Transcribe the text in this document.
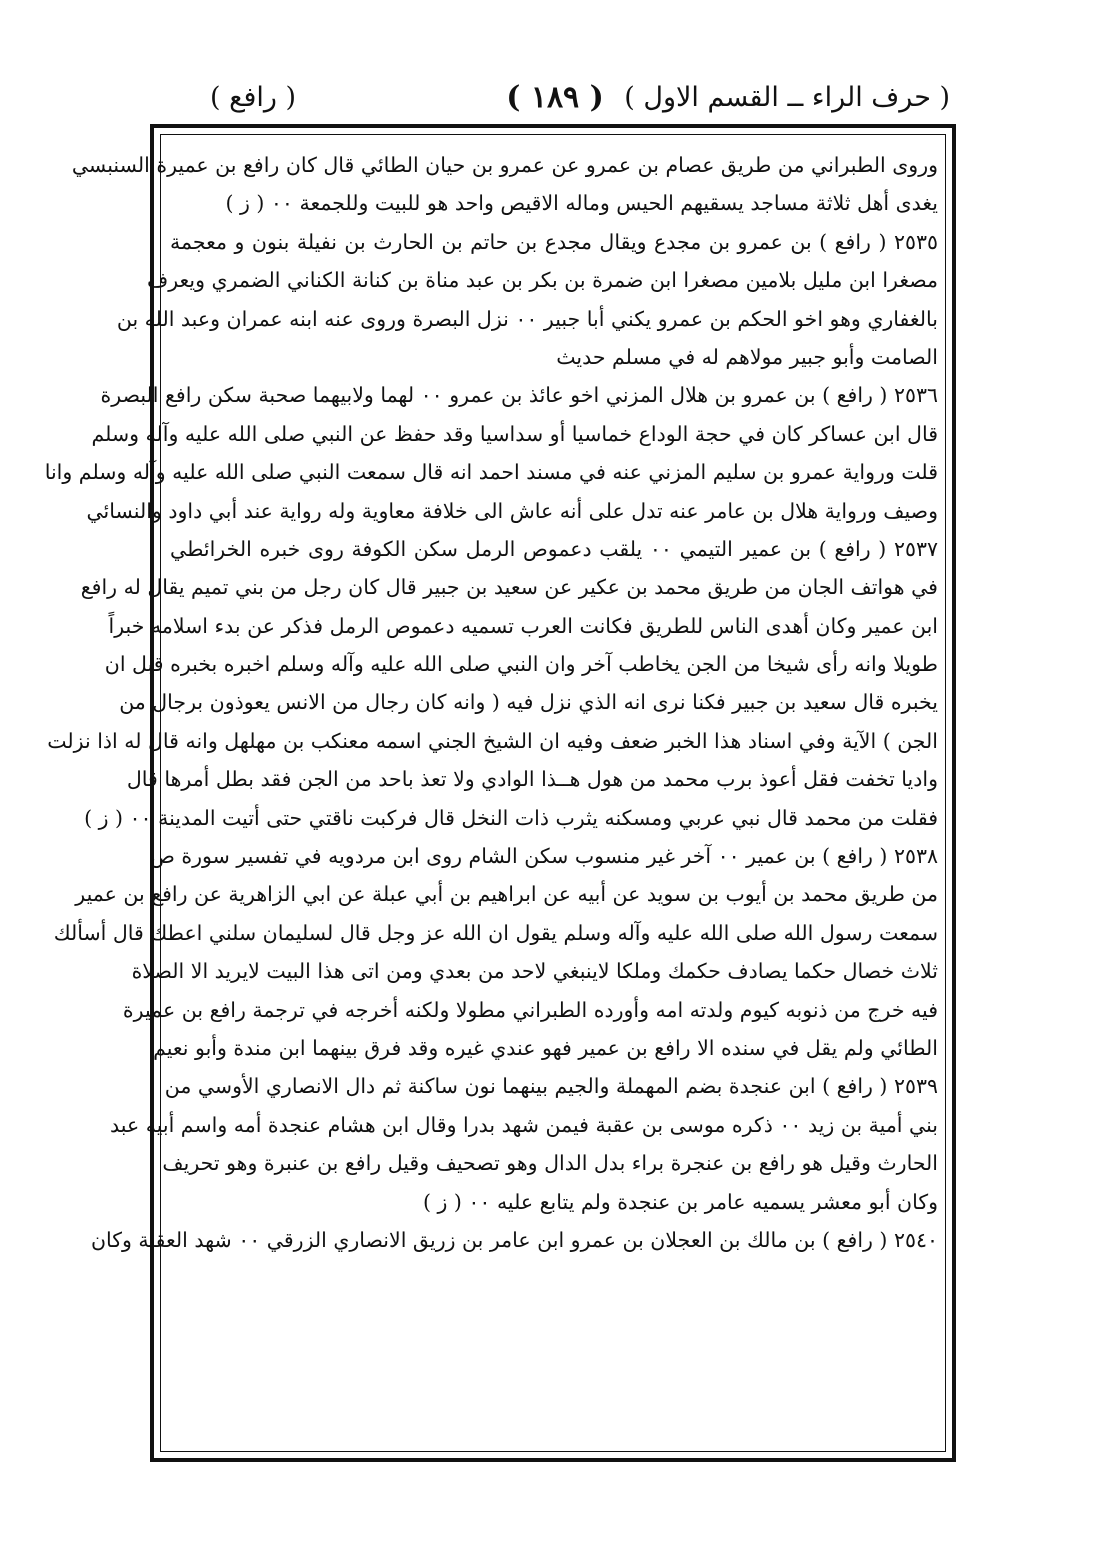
( حرف الراء ــ القسم الاول )
( ١٨٩ )
( رافع )
وروى الطبراني من طريق عصام بن عمرو عن عمرو بن حيان الطائي قال كان رافع بن عميرة السنبسي
يغدى أهل ثلاثة مساجد يسقيهم الحيس وماله الاقيص واحد هو للبيت وللجمعة ٠٠ ( ز )
٢٥٣٥ ( رافع ) بن عمرو بن مجدع ويقال مجدع بن حاتم بن الحارث بن نفيلة بنون و معجمة
مصغرا ابن مليل بلامين مصغرا ابن ضمرة بن بكر بن عبد مناة بن كنانة الكناني الضمري ويعرف
بالغفاري وهو اخو الحكم بن عمرو يكني أبا جبير ٠٠ نزل البصرة وروى عنه ابنه عمران وعبد الله بن
الصامت وأبو جبير مولاهم له في مسلم حديث
٢٥٣٦ ( رافع ) بن عمرو بن هلال المزني اخو عائذ بن عمرو ٠٠ لهما ولابيهما صحبة سكن رافع البصرة
قال ابن عساكر كان في حجة الوداع خماسيا أو سداسيا وقد حفظ عن النبي صلى الله عليه وآله وسلم
قلت ورواية عمرو بن سليم المزني عنه في مسند احمد انه قال سمعت النبي صلى الله عليه وآله وسلم وانا
وصيف ورواية هلال بن عامر عنه تدل على أنه عاش الى خلافة معاوية وله رواية عند أبي داود والنسائي
٢٥٣٧ ( رافع ) بن عمير التيمي ٠٠ يلقب دعموص الرمل سكن الكوفة روى خبره الخرائطي
في هواتف الجان من طريق محمد بن عكير عن سعيد بن جبير قال كان رجل من بني تميم يقال له رافع
ابن عمير وكان أهدى الناس للطريق فكانت العرب تسميه دعموص الرمل فذكر عن بدء اسلامه خبراً
طويلا وانه رأى شيخا من الجن يخاطب آخر وان النبي صلى الله عليه وآله وسلم اخبره بخبره قبل ان
يخبره قال سعيد بن جبير فكنا نرى انه الذي نزل فيه ( وانه كان رجال من الانس يعوذون برجال من
الجن ) الآية وفي اسناد هذا الخبر ضعف وفيه ان الشيخ الجني اسمه معنكب بن مهلهل وانه قال له اذا نزلت
واديا تخفت فقل أعوذ برب محمد من هول هــذا الوادي ولا تعذ باحد من الجن فقد بطل أمرها قال
فقلت من محمد قال نبي عربي ومسكنه يثرب ذات النخل قال فركبت ناقتي حتى أتيت المدينة ٠٠ ( ز )
٢٥٣٨ ( رافع ) بن عمير ٠٠ آخر غير منسوب سكن الشام روى ابن مردويه في تفسير سورة ص
من طريق محمد بن أيوب بن سويد عن أبيه عن ابراهيم بن أبي عبلة عن ابي الزاهرية عن رافع بن عمير
سمعت رسول الله صلى الله عليه وآله وسلم يقول ان الله عز وجل قال لسليمان سلني اعطك قال أسألك
ثلاث خصال حكما يصادف حكمك وملكا لاينبغي لاحد من بعدي ومن اتى هذا البيت لايريد الا الصلاة
فيه خرج من ذنوبه كيوم ولدته امه وأورده الطبراني مطولا ولكنه أخرجه في ترجمة رافع بن عميرة
الطائي ولم يقل في سنده الا رافع بن عمير فهو عندي غيره وقد فرق بينهما ابن مندة وأبو نعيم
٢٥٣٩ ( رافع ) ابن عنجدة بضم المهملة والجيم بينهما نون ساكنة ثم دال الانصاري الأوسي من
بني أمية بن زيد ٠٠ ذكره موسى بن عقبة فيمن شهد بدرا وقال ابن هشام عنجدة أمه واسم أبيه عبد
الحارث وقيل هو رافع بن عنجرة براء بدل الدال وهو تصحيف وقيل رافع بن عنبرة وهو تحريف
وكان أبو معشر يسميه عامر بن عنجدة ولم يتابع عليه ٠٠ ( ز )
٢٥٤٠ ( رافع ) بن مالك بن العجلان بن عمرو ابن عامر بن زريق الانصاري الزرقي ٠٠ شهد العقبة وكان
